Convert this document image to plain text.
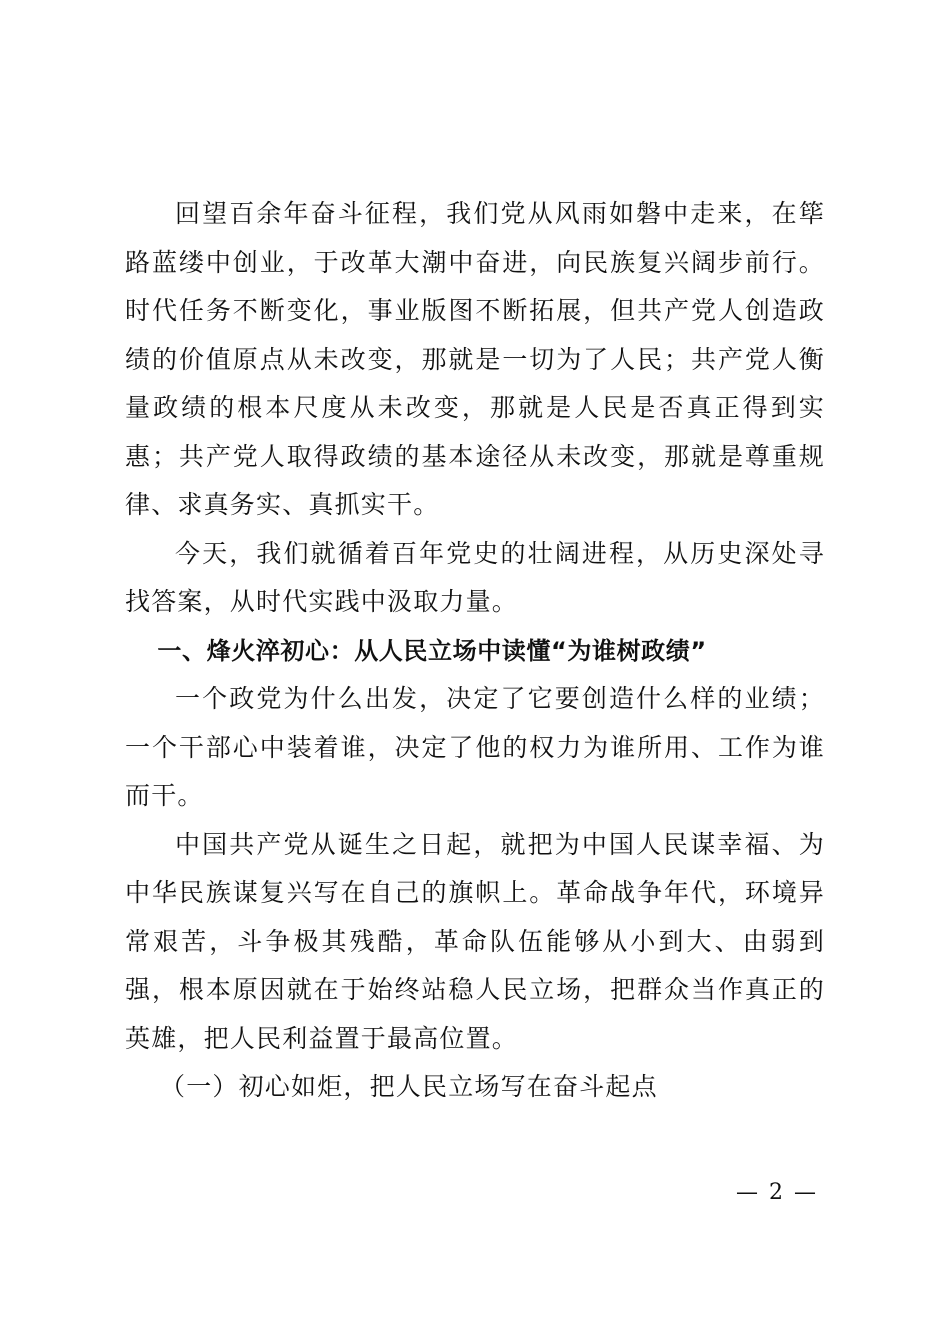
回望百余年奋斗征程，我们党从风雨如磐中走来，在筚路蓝缕中创业，于改革大潮中奋进，向民族复兴阔步前行。时代任务不断变化，事业版图不断拓展，但共产党人创造政绩的价值原点从未改变，那就是一切为了人民；共产党人衡量政绩的根本尺度从未改变，那就是人民是否真正得到实惠；共产党人取得政绩的基本途径从未改变，那就是尊重规律、求真务实、真抓实干。

今天，我们就循着百年党史的壮阔进程，从历史深处寻找答案，从时代实践中汲取力量。

一、烽火淬初心：从人民立场中读懂“为谁树政绩”

一个政党为什么出发，决定了它要创造什么样的业绩；一个干部心中装着谁，决定了他的权力为谁所用、工作为谁而干。

中国共产党从诞生之日起，就把为中国人民谋幸福、为中华民族谋复兴写在自己的旗帜上。革命战争年代，环境异常艰苦，斗争极其残酷，革命队伍能够从小到大、由弱到强，根本原因就在于始终站稳人民立场，把群众当作真正的英雄，把人民利益置于最高位置。

（一）初心如炬，把人民立场写在奋斗起点

— 2 —
